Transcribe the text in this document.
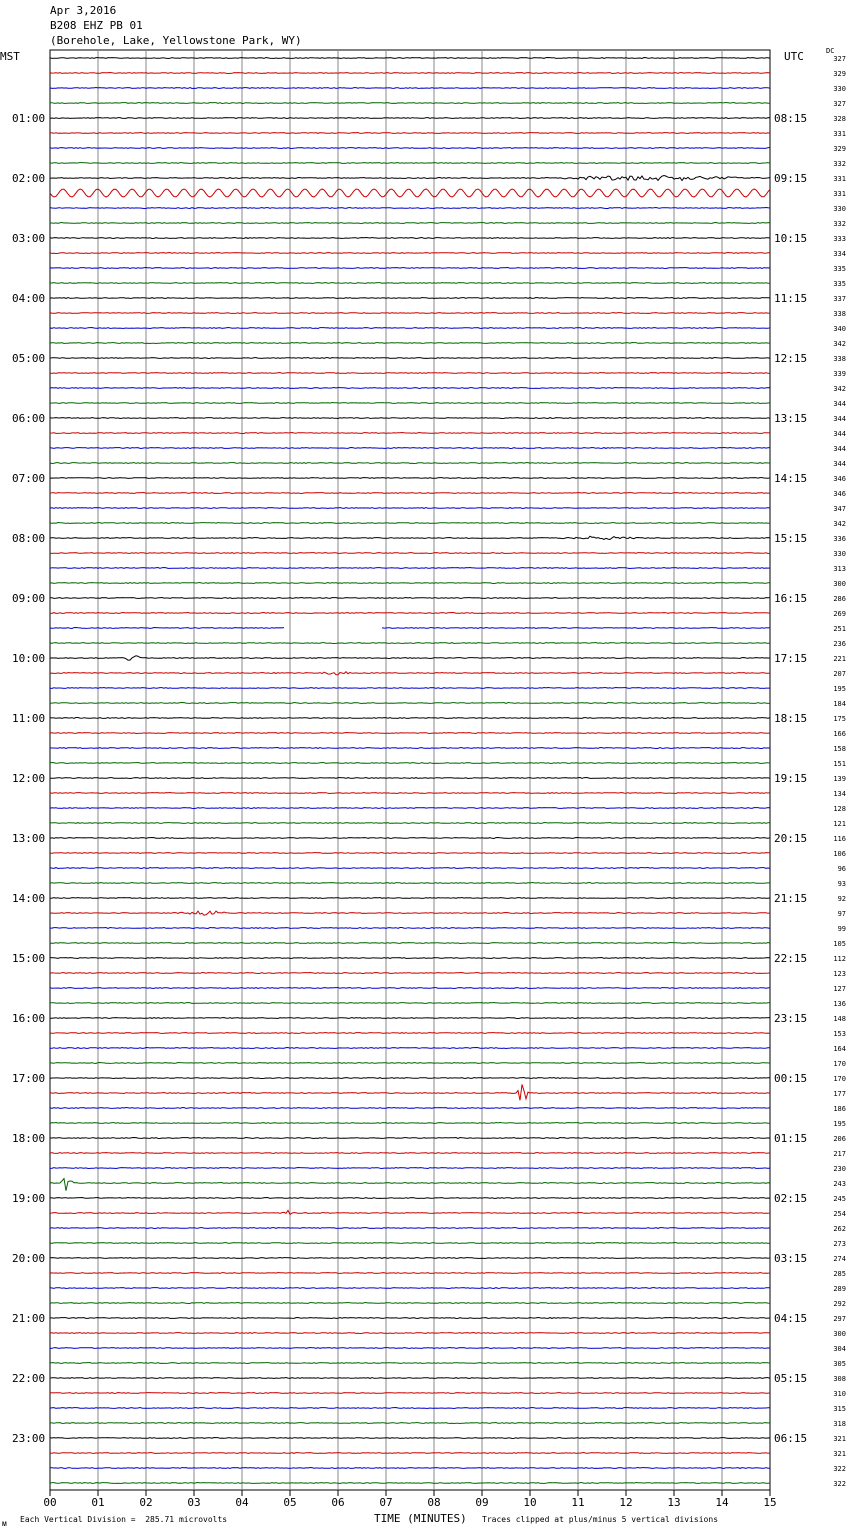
Apr 3,2016
B208 EHZ PB 01
(Borehole, Lake, Yellowstone Park, WY)
MST	UTC	DC
327
329
330
327
328
331
329
332
331
331
330
332
333
334
335
335
337
338
340
342
338
339
342
344
344
344
344
344
346
346
347
342
336
330
313
300
286
269
251
236
221
207
195
184
175
166
158
151
139
134
128
121
116
106
96
93
92
97
99
105
112
123
127
136
148
153
164
170
170
177
186
195
206
217
230
243
245
254
262
273
274
285
289
292
297
300
304
305
308
310
315
318
321
321
322
322
01:00	08:15
02:00	09:15
03:00	10:15
04:00	11:15
05:00	12:15
06:00	13:15
07:00	14:15
08:00	15:15
09:00	16:15
10:00	17:15
11:00	18:15
12:00	19:15
13:00	20:15
14:00	21:15
15:00	22:15
16:00	23:15
17:00	00:15
18:00	01:15
19:00	02:15
20:00	03:15
21:00	04:15
22:00	05:15
23:00	06:15
00	01	02	03	04	05	06	07	08	09	10	11	12	13	14	15
ᴍ Each Vertical Division =  285.71 microvolts	TIME (MINUTES) Traces clipped at plus/minus 5 vertical divisions
